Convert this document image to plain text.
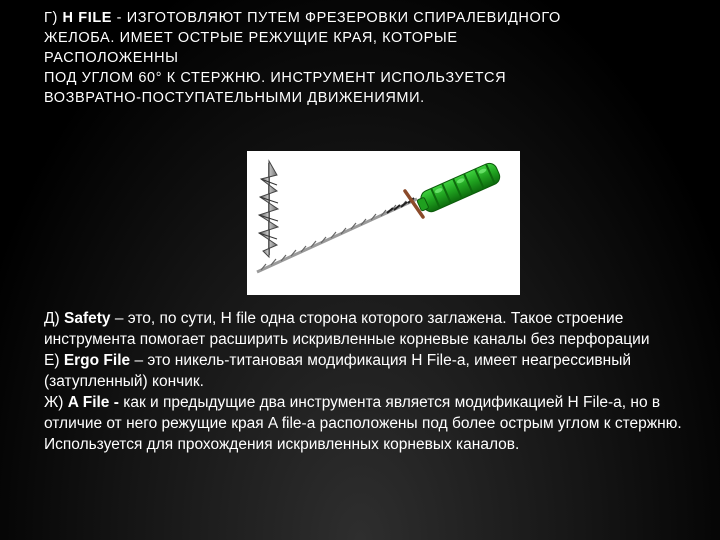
Г) H FILE - ИЗГОТОВЛЯЮТ ПУТЕМ ФРЕЗЕРОВКИ СПИРАЛЕВИДНОГО
ЖЕЛОБА. ИМЕЕТ ОСТРЫЕ РЕЖУЩИЕ КРАЯ, КОТОРЫЕ
РАСПОЛОЖЕННЫ
ПОД УГЛОМ 60° К СТЕРЖНЮ. ИНСТРУМЕНТ ИСПОЛЬЗУЕТСЯ
ВОЗВРАТНО-ПОСТУПАТЕЛЬНЫМИ ДВИЖЕНИЯМИ.

Д) Safety – это, по сути, H file одна сторона которого заглажена. Такое строение инструмента помогает расширить искривленные корневые каналы без перфорации

Е) Ergo File – это никель-титановая модификация H File-a, имеет неагрессивный (затупленный) кончик.

Ж) A File - как и предыдущие два инструмента является модификацией H File-a, но в отличие от него режущие края A file-a расположены под более острым углом к стержню. Используется для прохождения искривленных корневых каналов.
